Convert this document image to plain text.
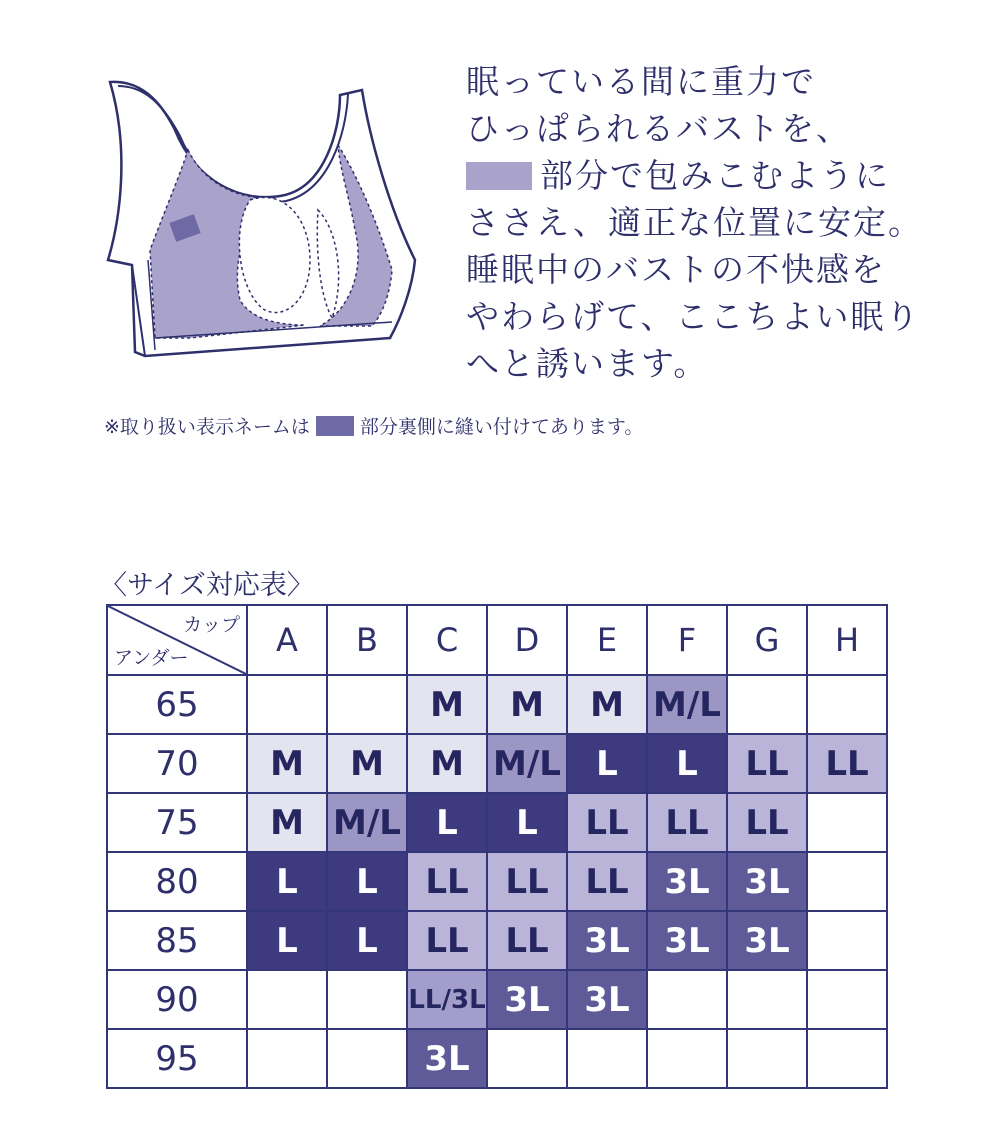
眠っている間に重力で
ひっぱられるバストを、
部分で包みこむように
ささえ、適正な位置に安定。
睡眠中のバストの不快感を
やわらげて、ここちよい眠り
へと誘います。
※取り扱い表示ネームは	部分裏側に縫い付けてあります。
〈サイズ対応表〉
カップ
アンダー	A	B	C	D	E	F	G	H
65			M	M	M	M/L		
70	M	M	M	M/L	L	L	LL	LL
75	M	M/L	L	L	LL	LL	LL	
80	L	L	LL	LL	LL	3L	3L	
85	L	L	LL	LL	3L	3L	3L	
90			LL/3L	3L	3L			
95			3L					
